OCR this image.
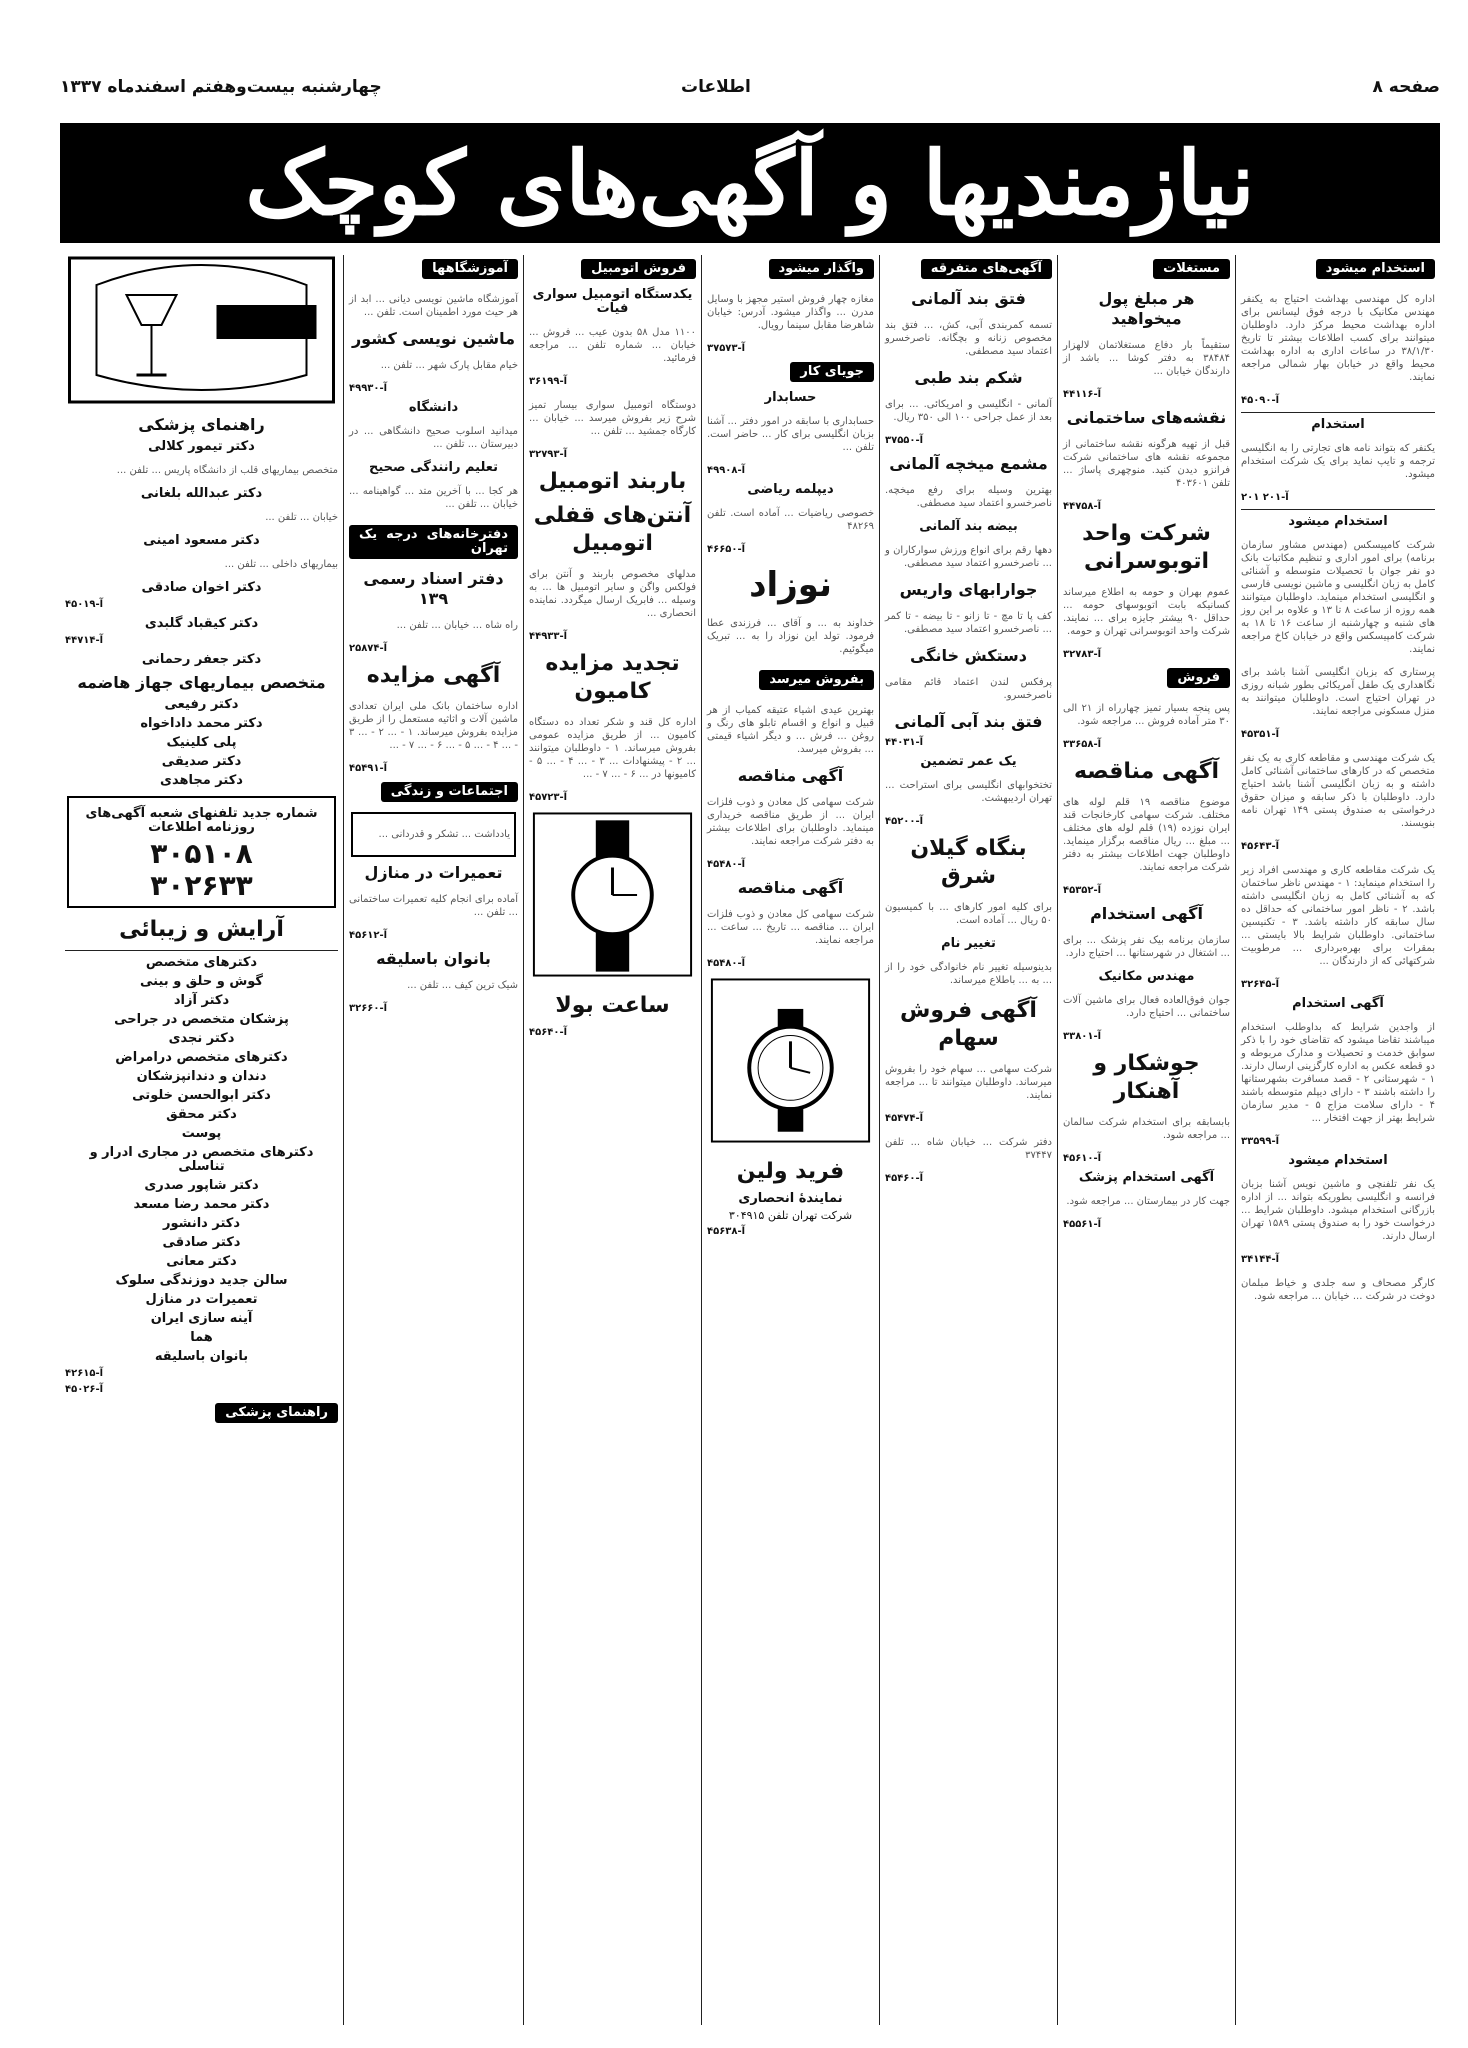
صفحه ۸
اطلاعات
چهارشنبه بیست‌وهفتم اسفندماه ۱۳۳۷
نیازمندیها و آگهی‌های کوچک
استخدام میشود

اداره کل مهندسی بهداشت احتیاج به یکنفر مهندس مکانیک با درجه فوق لیسانس برای اداره بهداشت محیط مرکز دارد. داوطلبان میتوانند برای کسب اطلاعات بیشتر تا تاریخ ۳۸/۱/۳۰ در ساعات اداری به اداره بهداشت محیط واقع در خیابان بهار شمالی مراجعه نمایند.

آ-۴۵۰۹۰
استخدام

یکنفر که بتواند نامه های تجارتی را به انگلیسی ترجمه و تایپ نماید برای یک شرکت استخدام میشود.

آ-۲۰۱ ۲۰۱
استخدام میشود

شرکت کامپیسکس (مهندس مشاور سازمان برنامه) برای امور اداری و تنظیم مکاتبات بانک دو نفر جوان با تحصیلات متوسطه و آشنائی کامل به زبان انگلیسی و ماشین نویسی فارسی و انگلیسی استخدام مینماید. داوطلبان میتوانند همه روزه از ساعت ۸ تا ۱۳ و علاوه بر این روز های شنبه و چهارشنبه از ساعت ۱۶ تا ۱۸ به شرکت کامپیسکس واقع در خیابان کاخ مراجعه نمایند.

پرستاری که بزبان انگلیسی آشنا باشد برای نگاهداری یک طفل آمریکائی بطور شبانه روزی در تهران احتیاج است. داوطلبان میتوانند به منزل مسکونی مراجعه نمایند.

آ-۴۵۳۵۱

یک شرکت مهندسی و مقاطعه کاری به یک نفر متخصص که در کارهای ساختمانی آشنائی کامل داشته و به زبان انگلیسی آشنا باشد احتیاج دارد. داوطلبان با ذکر سابقه و میزان حقوق درخواستی به صندوق پستی ۱۴۹ تهران نامه بنویسند.

آ-۴۵۶۴۳

یک شرکت مقاطعه کاری و مهندسی افراد زیر را استخدام مینماید: ۱ - مهندس ناظر ساختمان که به آشنائی کامل به زبان انگلیسی داشته باشد. ۲ - ناظر امور ساختمانی که حداقل ده سال سابقه کار داشته باشد. ۳ - تکنیسین ساختمانی. داوطلبان شرایط بالا بایستی ... بمقرات برای بهره‌برداری ... مرطوبیت شرکتهائی که از دارندگان ...

آ-۳۲۶۴۵
آگهی استخدام

از واجدین شرایط که بداوطلب استخدام میباشند تقاضا میشود که تقاضای خود را با ذکر سوابق خدمت و تحصیلات و مدارک مربوطه و دو قطعه عکس به اداره کارگزینی ارسال دارند. ۱ - شهرستانی ۲ - قصد مسافرت بشهرستانها را داشته باشند ۳ - دارای دیپلم متوسطه باشند ۴ - دارای سلامت مزاج ۵ - مدیر سازمان شرایط بهتر از جهت افتخار ...

آ-۳۳۵۹۹
استخدام میشود

یک نفر تلفنچی و ماشین نویس آشنا بزبان فرانسه و انگلیسی بطوریکه بتواند ... از اداره بازرگانی استخدام میشود. داوطلبان شرایط ... درخواست خود را به صندوق پستی ۱۵۸۹ تهران ارسال دارند.

آ-۳۴۱۴۴

کارگر مصحاف و سه جلدی و خیاط مبلمان دوخت در شرکت ... خیابان ... مراجعه شود.

مستغلات
هر مبلغ پول میخواهید

ستقیماً بار دفاع مستغلاتمان لالهزار ۳۸۴۸۴ به دفتر کوشا ... باشد از دارندگان خیابان ...

آ-۴۴۱۱۶
نقشه‌های ساختمانی

قبل از تهیه هرگونه نقشه ساختمانی از مجموعه نقشه های ساختمانی شرکت فرانزو دیدن کنید. منوچهری پاساژ ... تلفن ۴۰۳۶۰۱

آ-۴۴۷۵۸
شرکت واحد اتوبوسرانی

عموم بهران و حومه به اطلاع میرساند کسانیکه بابت اتوبوسهای حومه ... حداقل ۹۰ بیشتر جایزه برای ... نمایند. شرکت واحد اتوبوسرانی تهران و حومه.

آ-۳۲۷۸۳
فروش

پس پنجه بسیار تمیز چهارراه از ۲۱ الی ۳۰ متر آماده فروش ... مراجعه شود.

آ-۳۳۶۵۸
آگهی مناقصه

موضوع مناقصه ۱۹ قلم لوله های مختلف. شرکت سهامی کارخانجات قند ایران نوزده (۱۹) قلم لوله های مختلف ... مبلغ ... ریال مناقصه برگزار مینماید. داوطلبان جهت اطلاعات بیشتر به دفتر شرکت مراجعه نمایند.

آ-۴۵۳۵۲
آگهی استخدام

سازمان برنامه بیک نفر پزشک ... برای ... اشتغال در شهرستانها ... احتیاج دارد.

مهندس مکانیک

جوان فوق‌العاده فعال برای ماشین آلات ساختمانی ... احتیاج دارد.

آ-۳۳۸۰۱
جوشکار و آهنکار

بابسابقه برای استخدام شرکت سالمان ... مراجعه شود.

آ-۴۵۶۱۰
آگهی استخدام پزشک

جهت کار در بیمارستان ... مراجعه شود.

آ-۴۵۵۶۱
آگهی‌های متفرقه
فتق بند آلمانی

تسمه کمربندی آبی، کش، ... فتق بند مخصوص زنانه و بچگانه. ناصرخسرو اعتماد سید مصطفی.

شکم بند طبی

آلمانی - انگلیسی و امریکائی. ... برای بعد از عمل جراحی ۱۰۰ الی ۳۵۰ ریال.

آ-۳۷۵۵۰
مشمع میخچه آلمانی

بهترین وسیله برای رفع میخچه. ناصرخسرو اعتماد سید مصطفی.

بیضه بند آلمانی

دهها رقم برای انواع ورزش سوارکاران و ... ناصرخسرو اعتماد سید مصطفی.

جوارابهای واریس

کف پا تا مچ - تا زانو - تا بیضه - تا کمر ... ناصرخسرو اعتماد سید مصطفی.

دستکش خانگی

پرفکس لندن اعتماد قائم مقامی ناصرخسرو.

فتق بند آبی آلمانی
آ-۴۴۰۳۱
یک عمر تضمین

تختخوابهای انگلیسی برای استراحت ... تهران اردیبهشت.

آ-۴۵۲۰۰
بنگاه گیلان شرق

برای کلیه امور کارهای ... با کمیسیون ۵۰ ریال ... آماده است.

تغییر نام

بدینوسیله تغییر نام خانوادگی خود را از ... به ... باطلاع میرساند.

آگهی فروش سهام

شرکت سهامی ... سهام خود را بفروش میرساند. داوطلبان میتوانند تا ... مراجعه نمایند.

آ-۴۵۴۷۴

دفتر شرکت ... خیابان شاه ... تلفن ۳۷۴۴۷

آ-۴۵۴۶۰
واگذار میشود

مغازه چهار فروش استیر مجهز با وسایل مدرن ... واگذار میشود. آدرس: خیابان شاهرضا مقابل سینما رویال.

آ-۳۷۵۷۳
جویای کار
حسابدار

حسابداری با سابقه در امور دفتر ... آشنا بزبان انگلیسی برای کار ... حاضر است. تلفن ...

آ-۴۹۹۰۸
دیپلمه ریاضی

خصوصی ریاضیات ... آماده است. تلفن ۴۸۲۶۹

آ-۴۶۶۵۰
نوزاد

خداوند به ... و آقای ... فرزندی عطا فرمود. تولد این نوزاد را به ... تبریک میگوئیم.

بفروش میرسد

بهترین عیدی اشیاء عتیقه کمیاب از هر قبیل و انواع و اقسام تابلو های رنگ و روغن ... فرش ... و دیگر اشیاء قیمتی ... بفروش میرسد.

آگهی مناقصه

شرکت سهامی کل معادن و ذوب فلزات ایران ... از طریق مناقصه خریداری مینماید. داوطلبان برای اطلاعات بیشتر به دفتر شرکت مراجعه نمایند.

آ-۴۵۴۸۰
آگهی مناقصه

شرکت سهامی کل معادن و ذوب فلزات ایران ... مناقصه ... تاریخ ... ساعت ... مراجعه نمایند.

آ-۴۵۴۸۰
فرید ولین
نمایندهٔ انحصاری
شرکت تهران تلفن ۳۰۴۹۱۵
آ-۴۵۶۳۸
فروش اتومبیل
یکدستگاه اتومبیل سواری فیات

۱۱۰۰ مدل ۵۸ بدون عیب ... فروش ... خیابان ... شماره تلفن ... مراجعه فرمائید.

آ-۳۶۱۹۹

دوستگاه اتومبیل سواری بیسار تمیز شرح زیر بفروش میرسد ... خیابان ... کارگاه جمشید ... تلفن ...

آ-۳۲۷۹۳
باربند اتومبیل
آنتن‌های قفلی اتومبیل

مدلهای مخصوص باربند و آنتن برای فولکس واگن و سایر اتومبیل ها ... به وسیله ... فابریک ارسال میگردد. نماینده انحصاری ...

آ-۴۴۹۳۳
تجدید مزایده کامیون

اداره کل قند و شکر تعداد ده دستگاه کامیون ... از طریق مزایده عمومی بفروش میرساند. ۱ - داوطلبان میتوانند ... ۲ - پیشنهادات ... ۳ - ... ۴ - ... ۵ - کامیونها در ... ۶ - ... ۷ - ...

آ-۴۵۷۲۳
ساعت بولا
آ-۴۵۶۴۰
آموزشگاهها

آموزشگاه ماشین نویسی دیانی ... ابد از هر حیث مورد اطمینان است. تلفن ...

ماشین نویسی کشور

خیام مقابل پارک شهر ... تلفن ...

آ-۴۹۹۳۰
دانشگاه

میدانید اسلوب صحیح دانشگاهی ... در دبیرستان ... تلفن ...

تعلیم رانندگی صحیح

هر کجا ... با آخرین متد ... گواهینامه ... خیابان ... تلفن ...

دفترخانه‌های درجه یک تهران
دفتر اسناد رسمی ۱۳۹

راه شاه ... خیابان ... تلفن ...

آ-۲۵۸۷۴
آگهی مزایده

اداره ساختمان بانک ملی ایران تعدادی ماشین آلات و اثاثیه مستعمل را از طریق مزایده بفروش میرساند. ۱ - ... ۲ - ... ۳ - ... ۴ - ... ۵ - ... ۶ - ... ۷ - ...

آ-۴۵۴۹۱
اجتماعات و زندگی

یادداشت ... تشکر و قدردانی ...

تعمیرات در منازل

آماده برای انجام کلیه تعمیرات ساختمانی ... تلفن ...

آ-۴۵۶۱۲
بانوان باسلیقه

شیک ترین کیف ... تلفن ...

آ-۳۲۶۶۰
راهنمای پزشکی
دکتر تیمور کلالی

متخصص بیماریهای قلب از دانشگاه پاریس ... تلفن ...

دکتر عبدالله بلغانی

خیابان ... تلفن ...

دکتر مسعود امینی

بیماریهای داخلی ... تلفن ...

دکتر اخوان صادقی
آ-۴۵۰۱۹
دکتر کیقباد گلبدی
آ-۴۴۷۱۴
دکتر جعفر رحمانی
متخصص بیماریهای جهاز هاضمه
دکتر رفیعی
دکتر محمد داداخواه
پلی کلینیک
دکتر صدیقی
دکتر مجاهدی
شماره جدید تلفنهای شعبه آگهی‌های روزنامه اطلاعات
۳۰۵۱۰۸
۳۰۲۶۳۳
آرایش و زیبائی
دکترهای متخصص
گوش و حلق و بینی
دکتر آزاد
پزشکان متخصص در جراحی
دکتر نجدی
دکترهای متخصص درامراض
دندان و دندانپزشکان
دکتر ابوالحسن خلوتی
دکتر محقق
پوست
دکترهای متخصص در مجاری ادرار و تناسلی
دکتر شاپور صدری
دکتر محمد رضا مسعد
دکتر دانشور
دکتر صادقی
دکتر معانی
سالن جدید دوزندگی سلوک
تعمیرات در منازل
آینه سازی ایران
هما
بانوان باسلیقه
آ-۴۲۶۱۵
آ-۴۵۰۲۶
راهنمای پزشکی
